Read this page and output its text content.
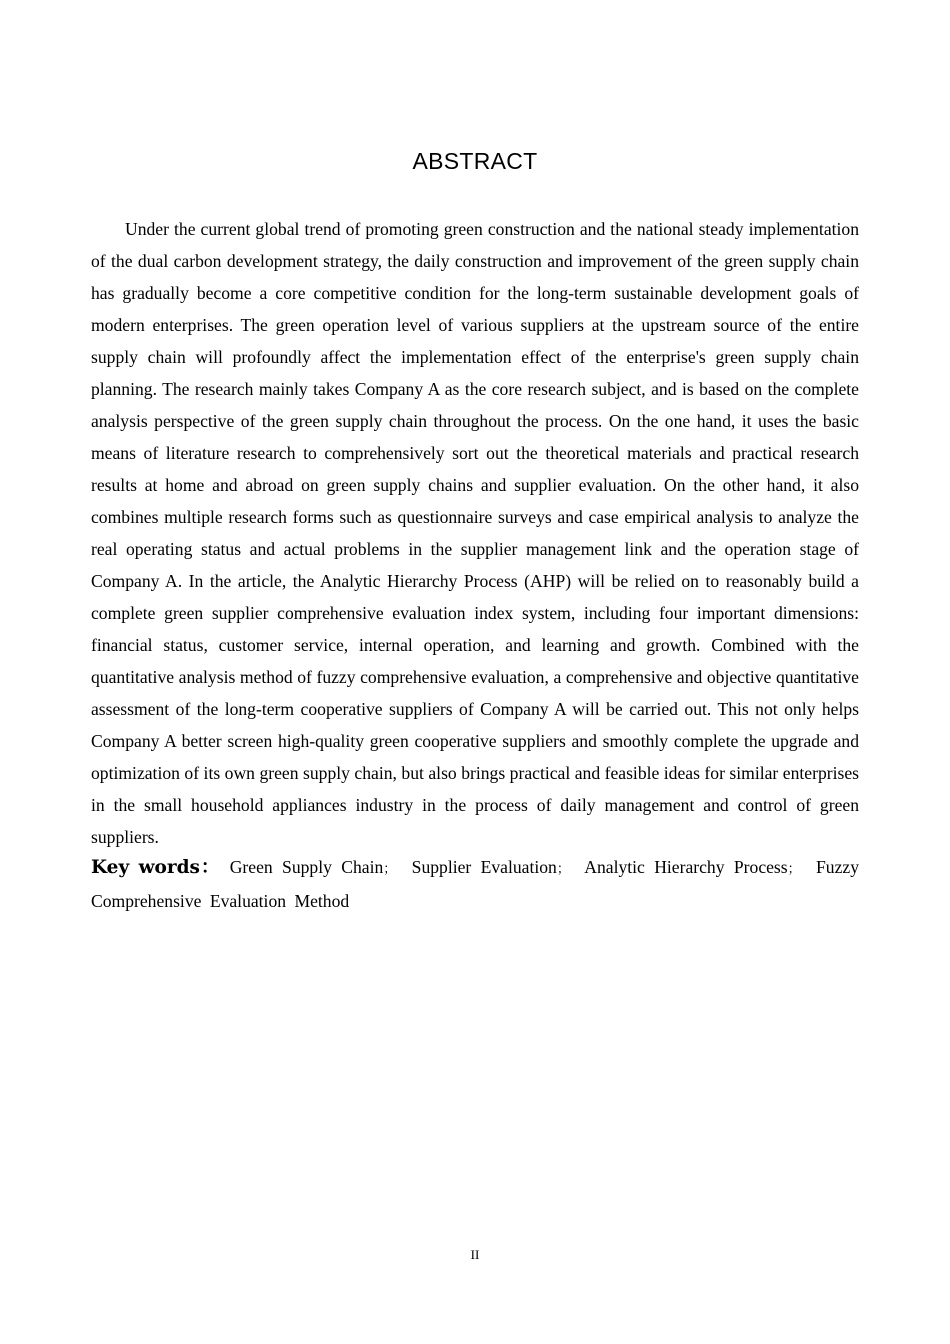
ABSTRACT

Under the current global trend of promoting green construction and the national steady implementation of the dual carbon development strategy, the daily construction and improvement of the green supply chain has gradually become a core competitive condition for the long-term sustainable development goals of modern enterprises. The green operation level of various suppliers at the upstream source of the entire supply chain will profoundly affect the implementation effect of the enterprise's green supply chain planning. The research mainly takes Company A as the core research subject, and is based on the complete analysis perspective of the green supply chain throughout the process. On the one hand, it uses the basic means of literature research to comprehensively sort out the theoretical materials and practical research results at home and abroad on green supply chains and supplier evaluation. On the other hand, it also combines multiple research forms such as questionnaire surveys and case empirical analysis to analyze the real operating status and actual problems in the supplier management link and the operation stage of Company A. In the article, the Analytic Hierarchy Process (AHP) will be relied on to reasonably build a complete green supplier comprehensive evaluation index system, including four important dimensions: financial status, customer service, internal operation, and learning and growth. Combined with the quantitative analysis method of fuzzy comprehensive evaluation, a comprehensive and objective quantitative assessment of the long-term cooperative suppliers of Company A will be carried out. This not only helps Company A better screen high-quality green cooperative suppliers and smoothly complete the upgrade and optimization of its own green supply chain, but also brings practical and feasible ideas for similar enterprises in the small household appliances industry in the process of daily management and control of green suppliers.

Key words： Green Supply Chain； Supplier Evaluation； Analytic Hierarchy Process； Fuzzy Comprehensive Evaluation Method

II
